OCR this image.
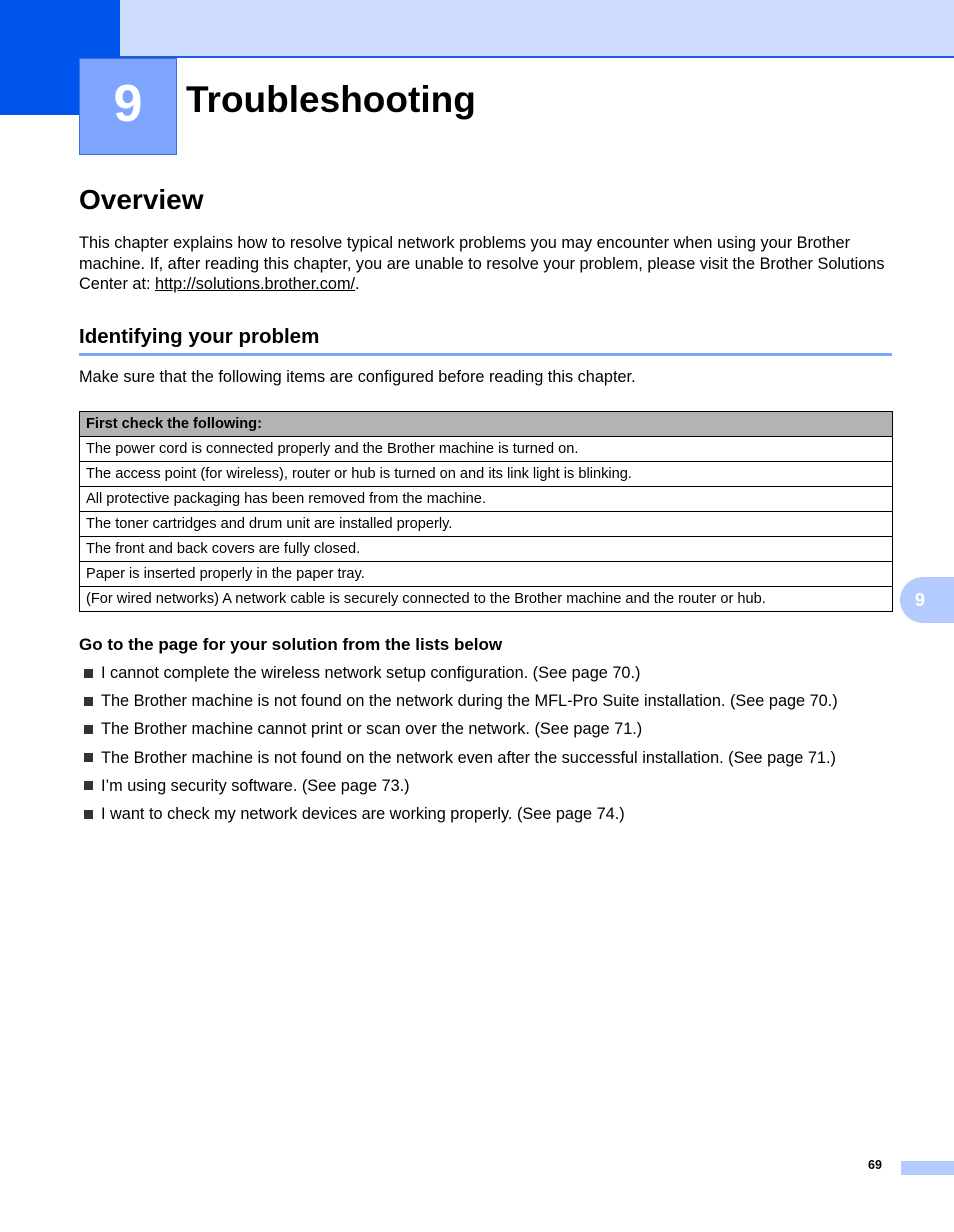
9	Troubleshooting
Overview

This chapter explains how to resolve typical network problems you may encounter when using your Brother machine. If, after reading this chapter, you are unable to resolve your problem, please visit the Brother Solutions Center at: http://solutions.brother.com/.

Identifying your problem

Make sure that the following items are configured before reading this chapter.

First check the following:
The power cord is connected properly and the Brother machine is turned on.
The access point (for wireless), router or hub is turned on and its link light is blinking.
All protective packaging has been removed from the machine.
The toner cartridges and drum unit are installed properly.
The front and back covers are fully closed.
Paper is inserted properly in the paper tray.
(For wired networks) A network cable is securely connected to the Brother machine and the router or hub.	9
Go to the page for your solution from the lists below
I cannot complete the wireless network setup configuration. (See page 70.)
The Brother machine is not found on the network during the MFL-Pro Suite installation. (See page 70.)
The Brother machine cannot print or scan over the network. (See page 71.)
The Brother machine is not found on the network even after the successful installation. (See page 71.)
I’m using security software. (See page 73.)
I want to check my network devices are working properly. (See page 74.)
69
